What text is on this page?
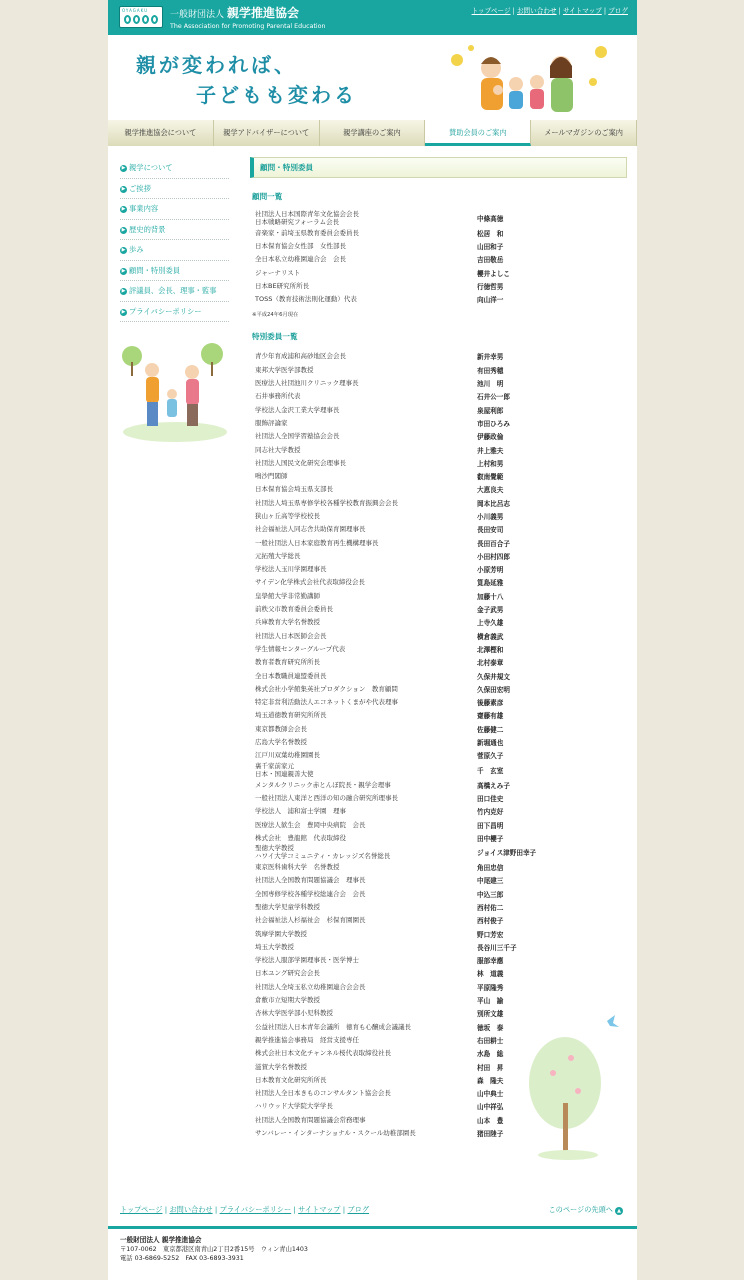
OYAGAKU 一般財団法人 親学推進協会
The Association for Promoting Parental Education
トップページ | お問い合わせ | サイトマップ | ブログ
親が変われば、
子どもも変わる
親学推進協会について	親学アドバイザーについて	親学講座のご案内	賛助会員のご案内	メールマガジンのご案内
▶ 親学について
▶ ご挨拶
▶ 事業内容
▶ 歴史的背景
▶ 歩み
▶ 顧問・特別委員
▶ 評議員、会長、理事・監事
▶ プライバシーポリシー
顧問・特別委員
顧問一覧
社団法人日本国際青年文化協会会長
日本戦略研究フォーラム会長	中條高徳
音楽家・前埼玉県教育委員会委員長	松居　和
日本保育協会女性部　女性部長	山田和子
全日本私立幼稚園連合会　会長	吉田敬岳
ジャーナリスト	櫻井よしこ
日本BE研究所所長	行徳哲男
TOSS（教育技術法則化運動）代表	向山洋一
※平成24年6月現在
特別委員一覧
青少年育成浦和高砂地区会会長	新井幸男
東邦大学医学部教授	有田秀穂
医療法人社団池川クリニック理事長	池川　明
石井事務所代表	石井公一郎
学校法人金沢工業大学理事長	泉屋利郎
服飾評論家	市田ひろみ
社団法人全国学習塾協会会長	伊藤政倫
同志社大学教授	井上雅夫
社団法人国民文化研究会理事長	上村和男
鳴沙門閣師	叡南覺範
日本保育協会埼玉県支部長	大恵良夫
社団法人埼玉県専修学校各種学校教育振興会会長	岡本比呂志
狭山ヶ丘高等学校校長	小川義男
社会福祉法人同志舎共助保育園理事長	長田安司
一般社団法人日本家庭教育再生機構理事長	長田百合子
元拓殖大学総長	小田村四郎
学校法人玉川学園理事長	小原芳明
サイデン化学株式会社代表取締役会長	筧島延雅
皇學館大学非常勤講師	加藤十八
前秩父市教育委員会委員長	金子武男
兵庫教育大学名誉教授	上寺久雄
社団法人日本医師会会長	横倉義武
学生情報センターグループ代表	北澤樫和
教育者教育研究所所長	北村泰章
全日本教職員連盟委員長	久保井規文
株式会社小学館集英社プロダクション　教育顧問	久保田宏明
特定非営利活動法人エコネットくまがや代表理事	後藤素彦
埼玉道徳教育研究所所長	齋藤有雄
東京都教師会会長	佐藤健二
広島大学名誉教授	新堀通也
江戸川双葉幼稚園園長	菅原久子
裏千家前家元
日本・国連親善大使	千　玄室
メンタルクリニック赤とんぼ院長・親学会理事	高橋えみ子
一般社団法人東洋と西洋の知の融合研究所理事長	田口佳史
学校法人　浦和富士学園　理事	竹内克好
医療法人歓生会　豊岡中央病院　会長	田下昌明
株式会社　豊龍館　代表取締役	田中櫻子
聖徳大学教授
ハワイ大学コミュニティ・カレッジズ名誉総長	ジョイス津野田幸子
東京医科歯科大学　名誉教授	角田忠信
社団法人全国教育問題協議会　理事長	中尾建三
全国専修学校各種学校総連合会　会長	中込三郎
聖徳大学児童学科教授	西村佑二
社会福祉法人杉福祉会　杉保育園園長	西村俊子
筑摩学園大学教授	野口芳宏
埼玉大学教授	長谷川三千子
学校法人服部学園理事長・医学博士	服部幸應
日本ユング研究会会長	林　道義
社団法人全埼玉私立幼稚園連合会会長	平原隆秀
倉敷市立短期大学教授	平山　諭
杏林大学医学部小児科教授	別所文雄
公益社団法人日本青年会議所　徳育も心醸成会議議長	徳坂　泰
親学推進協会事務局　経営支援専任	右田耕士
株式会社日本文化チャンネル桜代表取締役社長	水島　総
滋賀大学名誉教授	村田　昇
日本教育文化研究所所長	森　隆夫
社団法人全日本きものコンサルタント協会会長	山中典士
ハリウッド大学院大学学長	山中祥弘
社団法人全国教育問題協議会常務理事	山本　豊
サンバレー・インターナショナル・スクール幼稚部園長	猪田陸子
トップページ | お問い合わせ | プライバシーポリシー | サイトマップ | ブログ	このページの先頭へ ▲
一般財団法人 親学推進協会
〒107-0062　東京都港区南青山2丁目2番15号　ウィン青山1403
電話 03-6869-5252　FAX 03-6893-3931
